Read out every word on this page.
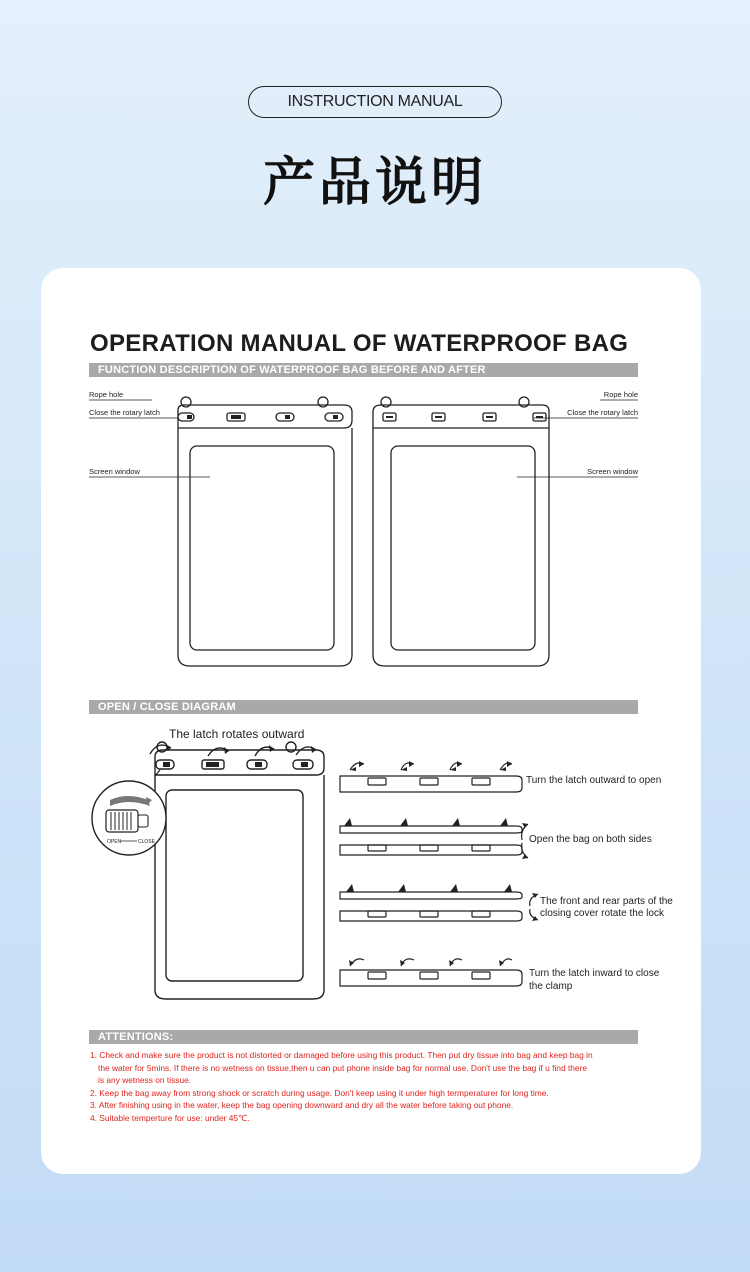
INSTRUCTION MANUAL
产品说明
OPERATION MANUAL OF WATERPROOF BAG
FUNCTION DESCRIPTION OF WATERPROOF BAG BEFORE AND AFTER
Rope hole
Close the rotary latch
Screen window
Rope hole
Close the rotary latch
Screen window
OPEN / CLOSE DIAGRAM
The latch rotates outward
OPEN	CLOSE
Turn the latch outward to open
Open the bag on both sides
The front and rear parts of the
closing cover rotate the lock
Turn the latch inward to close
the clamp
ATTENTIONS:
1. Check and make sure the product is not distorted or damaged before using this product. Then put dry tissue into bag and keep bag in
the water for 5mins. If there is no wetness on tissue,then u can put phone inside bag for normal use. Don't use the bag if u find there
is any wetness on tissue.
2. Keep the bag away from strong shock or scratch during usage. Don't keep using it under high termperaturer for long time.
3. After finishing using in the water, keep the bag opening downward and dry all the water before taking out phone.
4. Suitable temperture for use: under 45℃.
